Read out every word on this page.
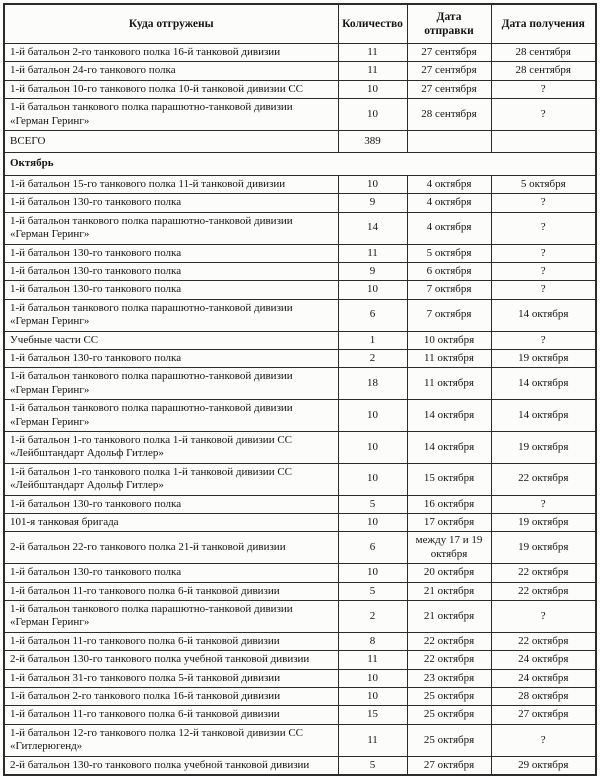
Куда отгружены	Количество	Дата отправки	Дата получения
1-й батальон 2-го танкового полка 16-й танковой дивизии	11	27 сентября	28 сентября
1-й батальон 24-го танкового полка	11	27 сентября	28 сентября
1-й батальон 10-го танкового полка 10-й танковой дивизии СС	10	27 сентября	?
1-й батальон танкового полка парашютно-танковой дивизии «Герман Геринг»	10	28 сентября	?
ВСЕГО	389		
Октябрь			
1-й батальон 15-го танкового полка 11-й танковой дивизии	10	4 октября	5 октября
1-й батальон 130-го танкового полка	9	4 октября	?
1-й батальон танкового полка парашютно-танковой дивизии «Герман Геринг»	14	4 октября	?
1-й батальон 130-го танкового полка	11	5 октября	?
1-й батальон 130-го танкового полка	9	6 октября	?
1-й батальон 130-го танкового полка	10	7 октября	?
1-й батальон танкового полка парашютно-танковой дивизии «Герман Геринг»	6	7 октября	14 октября
Учебные части СС	1	10 октября	?
1-й батальон 130-го танкового полка	2	11 октября	19 октября
1-й батальон танкового полка парашютно-танковой дивизии «Герман Геринг»	18	11 октября	14 октября
1-й батальон танкового полка парашютно-танковой дивизии «Герман Геринг»	10	14 октября	14 октября
1-й батальон 1-го танкового полка 1-й танковой дивизии СС «Лейбштандарт Адольф Гитлер»	10	14 октября	19 октября
1-й батальон 1-го танкового полка 1-й танковой дивизии СС «Лейбштандарт Адольф Гитлер»	10	15 октября	22 октября
1-й батальон 130-го танкового полка	5	16 октября	?
101-я танковая бригада	10	17 октября	19 октября
2-й батальон 22-го танкового полка 21-й танковой дивизии	6	между 17 и 19 октября	19 октября
1-й батальон 130-го танкового полка	10	20 октября	22 октября
1-й батальон 11-го танкового полка 6-й танковой дивизии	5	21 октября	22 октября
1-й батальон танкового полка парашютно-танковой дивизии «Герман Геринг»	2	21 октября	?
1-й батальон 11-го танкового полка 6-й танковой дивизии	8	22 октября	22 октября
2-й батальон 130-го танкового полка учебной танковой дивизии	11	22 октября	24 октября
1-й батальон 31-го танкового полка 5-й танковой дивизии	10	23 октября	24 октября
1-й батальон 2-го танкового полка 16-й танковой дивизии	10	25 октября	28 октября
1-й батальон 11-го танкового полка 6-й танковой дивизии	15	25 октября	27 октября
1-й батальон 12-го танкового полка 12-й танковой дивизии СС «Гитлерюгенд»	11	25 октября	?
2-й батальон 130-го танкового полка учебной танковой дивизии	5	27 октября	29 октября
